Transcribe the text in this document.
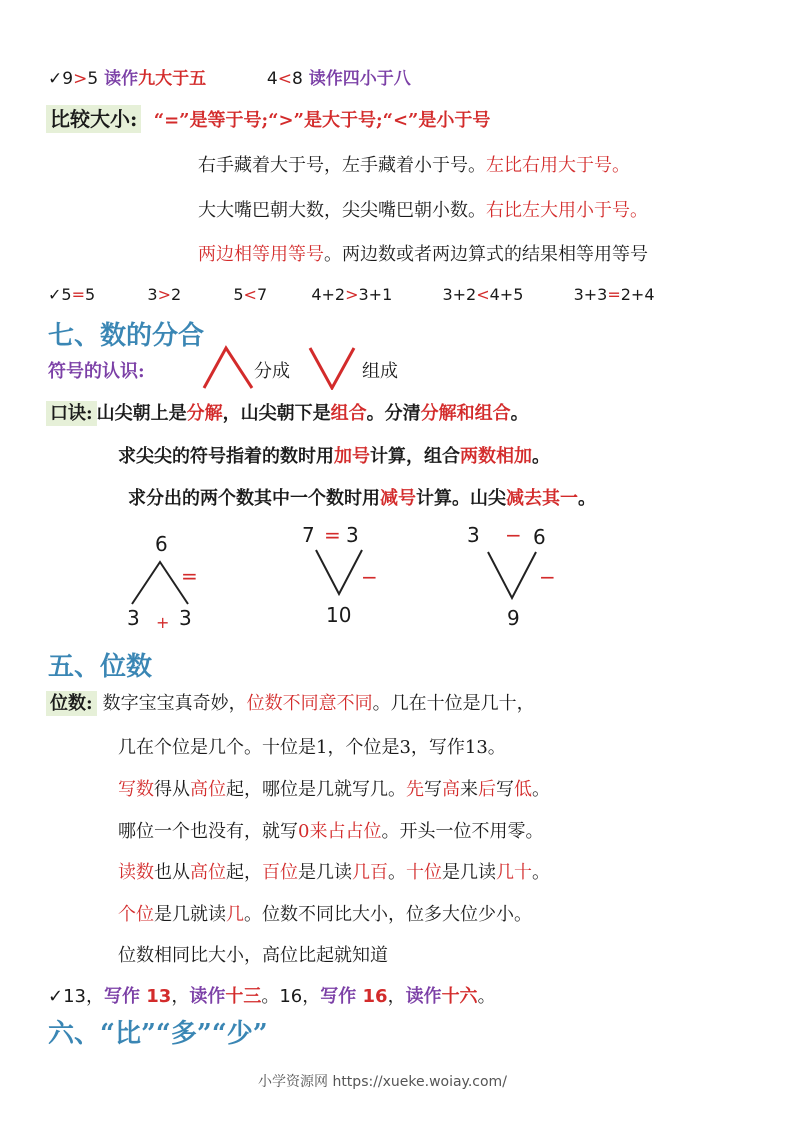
✓9>5 读作九大于五	4<8 读作四小于八
比较大小: “=”是等于号;“>”是大于号;“<”是小于号
右手藏着大于号，左手藏着小于号。左比右用大于号。
大大嘴巴朝大数，尖尖嘴巴朝小数。右比左大用小于号。
两边相等用等号。两边数或者两边算式的结果相等用等号
✓5=5	3>2	5<7	4+2>3+1	3+2<4+5	3+3=2+4
七、数的分合
符号的认识:	分成	组成
口诀: 山尖朝上是分解，山尖朝下是组合。分清分解和组合。
求尖尖的符号指着的数时用加号计算，组合两数相加。
求分出的两个数其中一个数时用减号计算。山尖减去其一。
6
=
3 + 3
7 = 3
−
10
3 − 6
−
9
五、位数
位数: 数字宝宝真奇妙，位数不同意不同。几在十位是几十，
几在个位是几个。十位是1，个位是3，写作13。
写数得从高位起，哪位是几就写几。先写高来后写低。
哪位一个也没有，就写0来占占位。开头一位不用零。
读数也从高位起，百位是几读几百。十位是几读几十。
个位是几就读几。位数不同比大小，位多大位少小。
位数相同比大小，高位比起就知道
✓13，写作 13，读作十三。16，写作 16，读作十六。
六、“比”“多”“少”
小学资源网 https://xueke.woiay.com/
